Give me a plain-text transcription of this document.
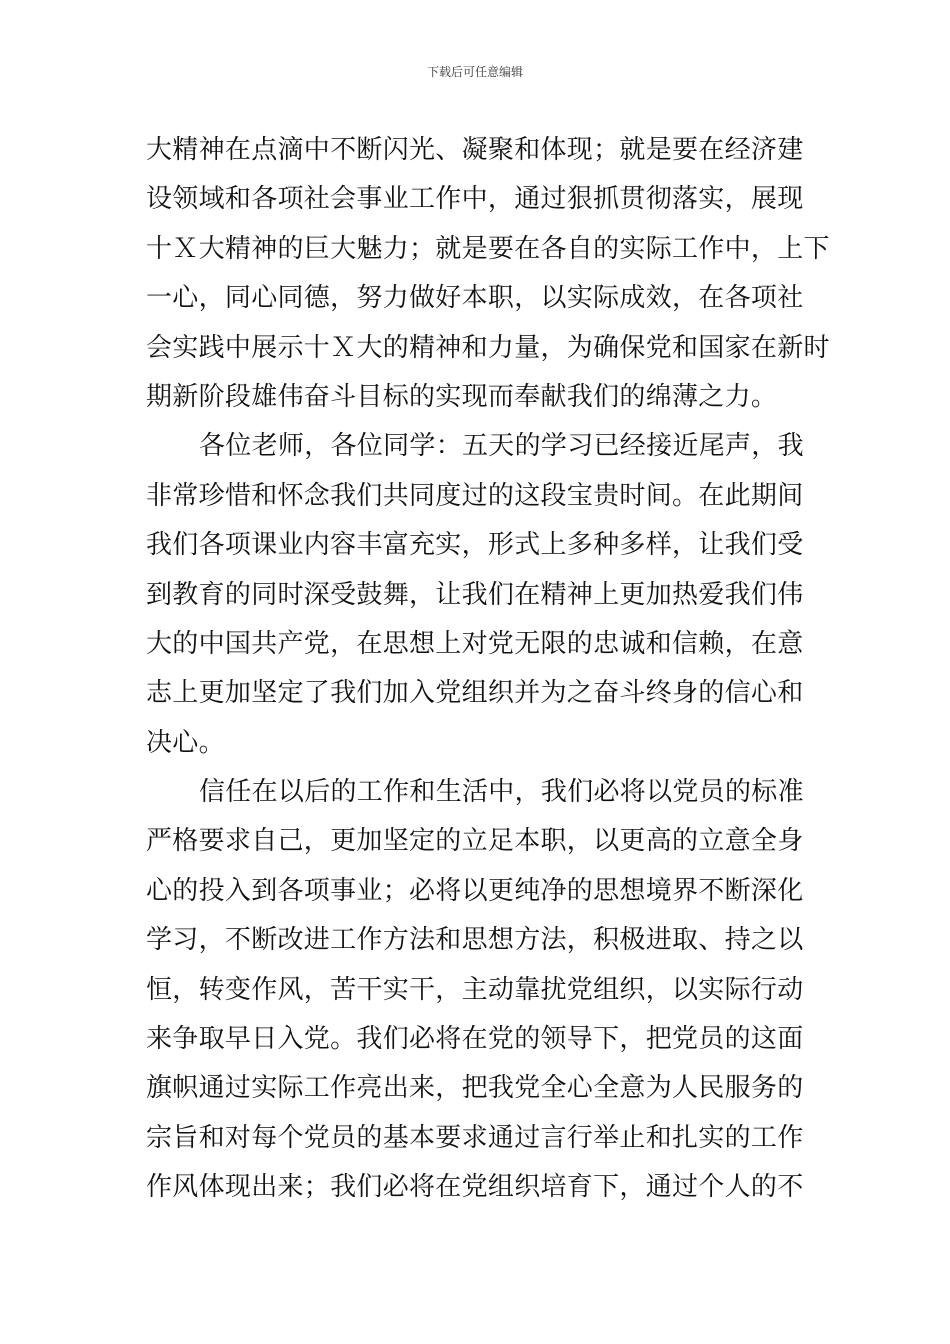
下载后可任意编辑
大精神在点滴中不断闪光、凝聚和体现；就是要在经济建
设领域和各项社会事业工作中，通过狠抓贯彻落实，展现
十Ｘ大精神的巨大魅力；就是要在各自的实际工作中，上下
一心，同心同德，努力做好本职，以实际成效，在各项社
会实践中展示十Ｘ大的精神和力量，为确保党和国家在新时
期新阶段雄伟奋斗目标的实现而奉献我们的绵薄之力。
各位老师，各位同学：五天的学习已经接近尾声，我
非常珍惜和怀念我们共同度过的这段宝贵时间。在此期间
我们各项课业内容丰富充实，形式上多种多样，让我们受
到教育的同时深受鼓舞，让我们在精神上更加热爱我们伟
大的中国共产党，在思想上对党无限的忠诚和信赖，在意
志上更加坚定了我们加入党组织并为之奋斗终身的信心和
决心。
信任在以后的工作和生活中，我们必将以党员的标准
严格要求自己，更加坚定的立足本职，以更高的立意全身
心的投入到各项事业；必将以更纯净的思想境界不断深化
学习，不断改进工作方法和思想方法，积极进取、持之以
恒，转变作风，苦干实干，主动靠扰党组织，以实际行动
来争取早日入党。我们必将在党的领导下，把党员的这面
旗帜通过实际工作亮出来，把我党全心全意为人民服务的
宗旨和对每个党员的基本要求通过言行举止和扎实的工作
作风体现出来；我们必将在党组织培育下，通过个人的不
